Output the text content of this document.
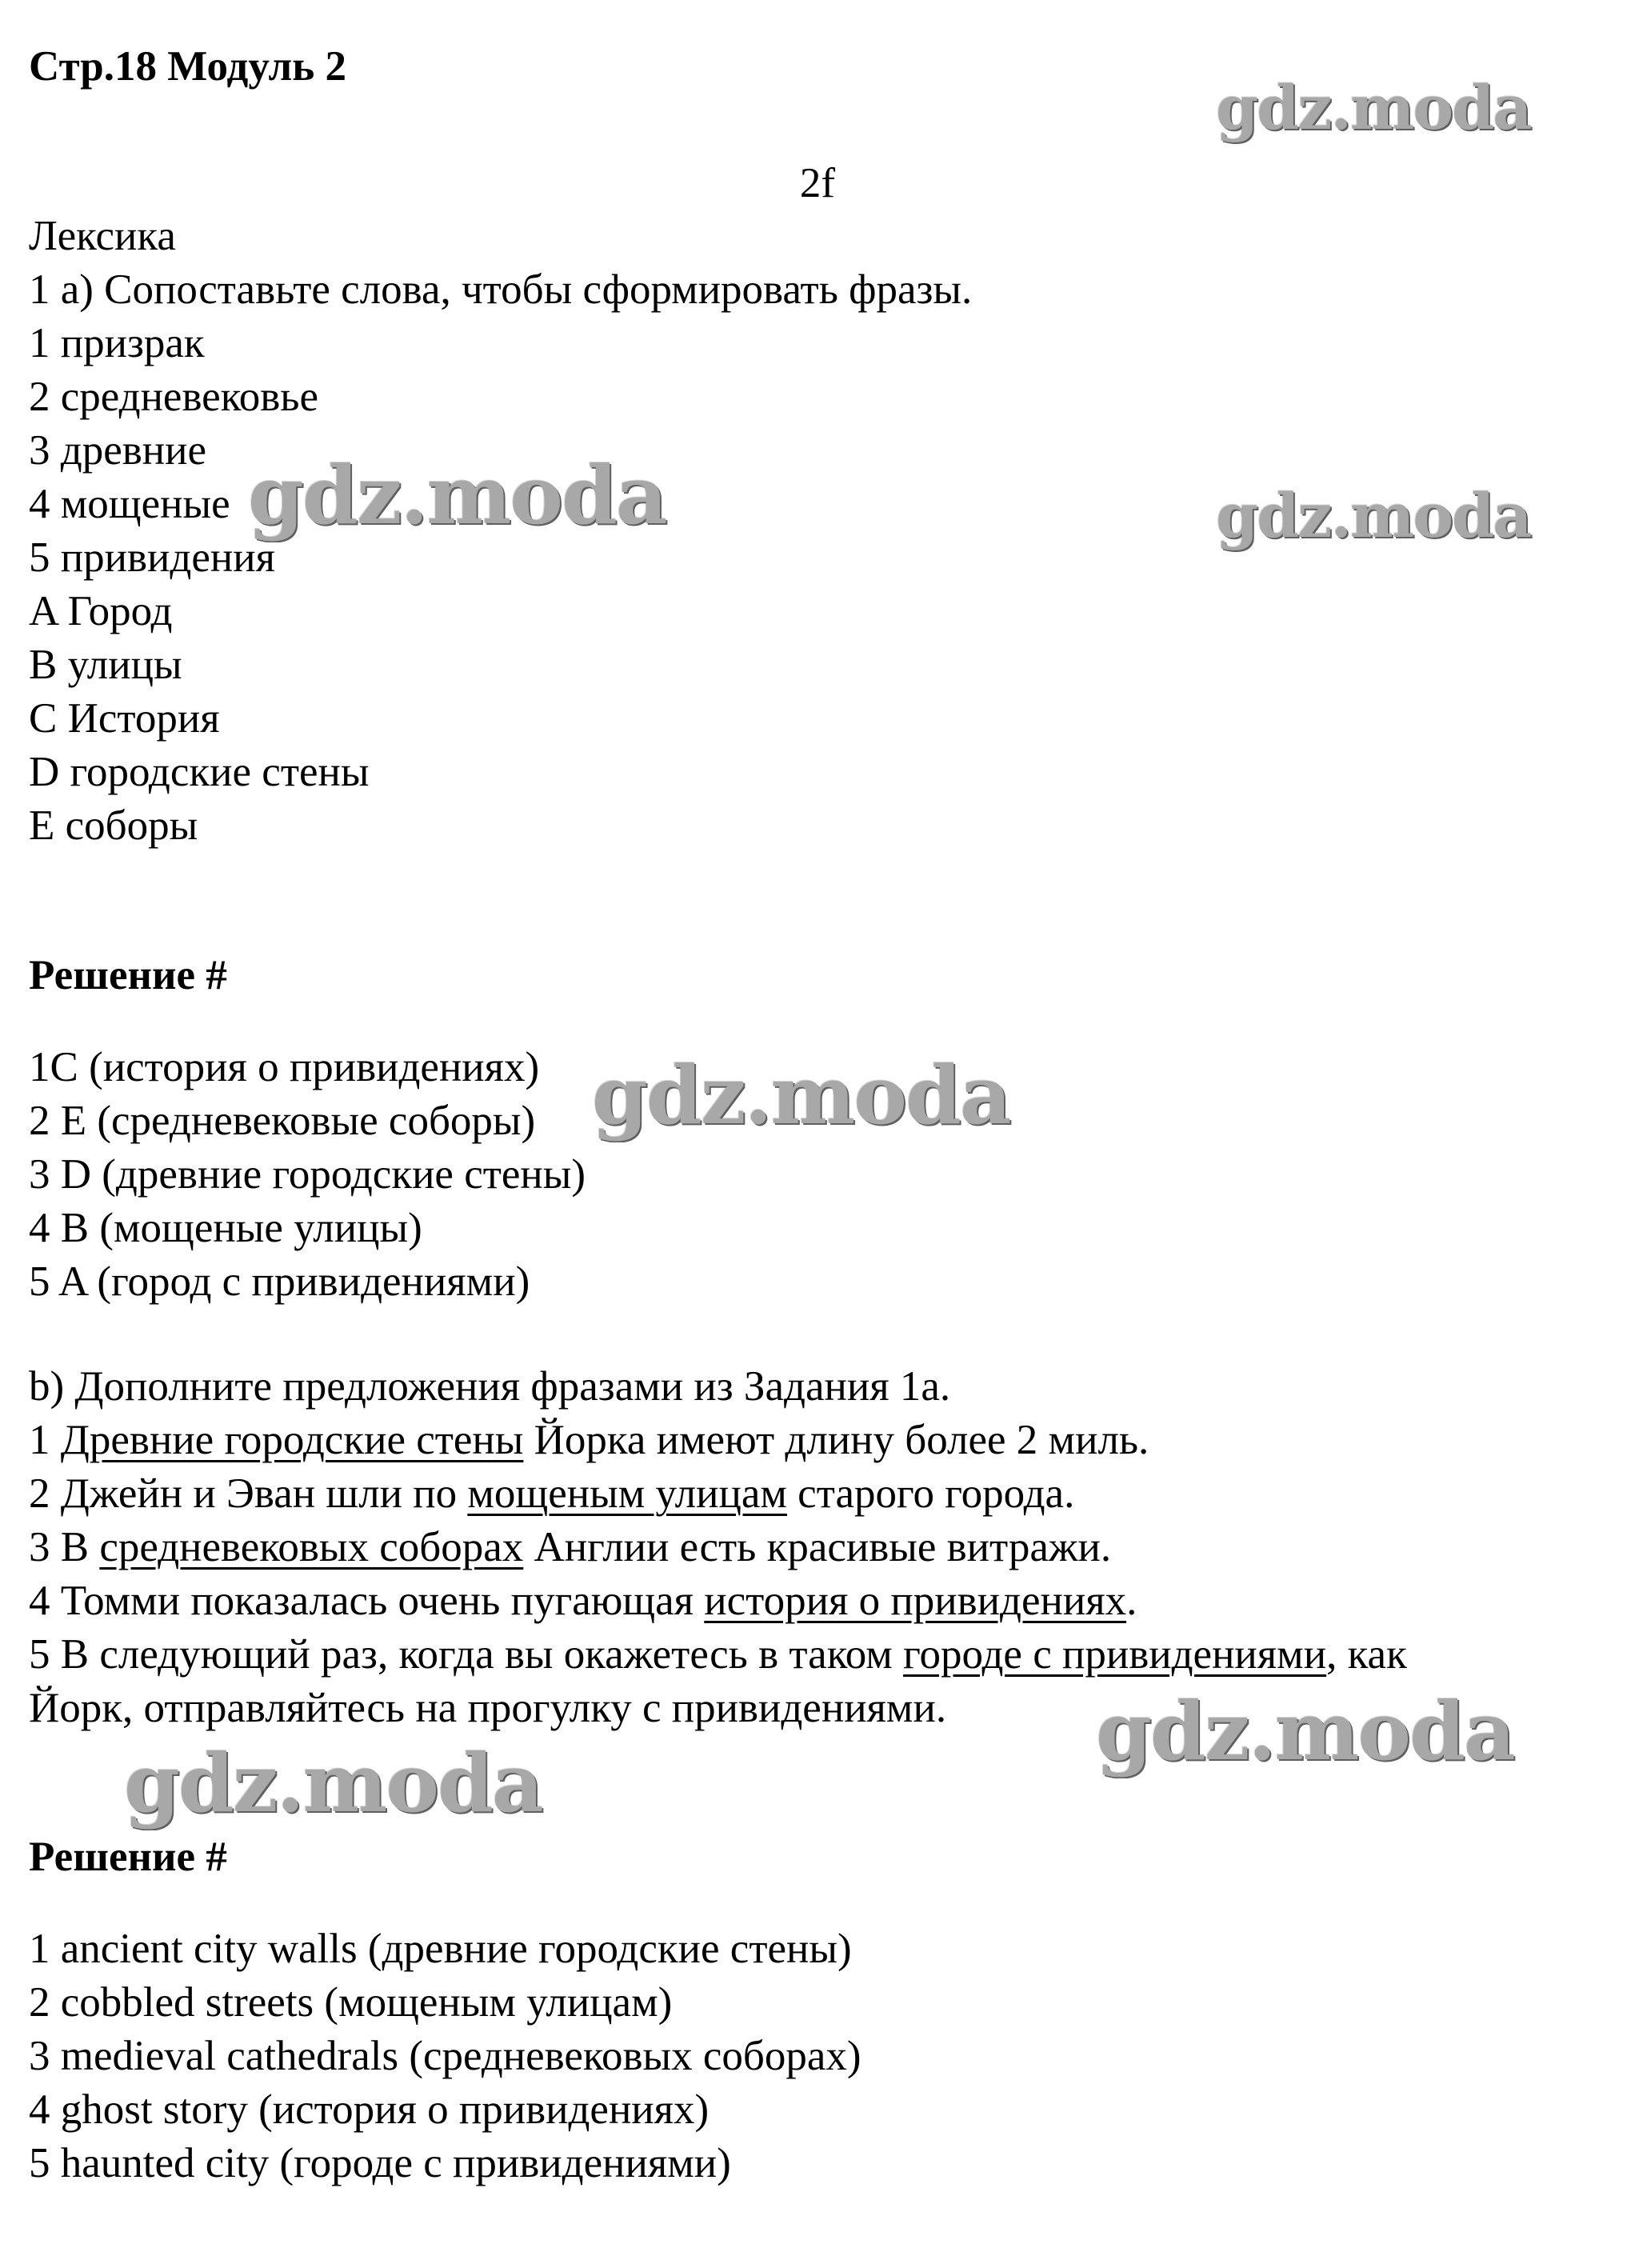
Стр.18 Модуль 2
2f
Лексика
1 a) Сопоставьте слова, чтобы сформировать фразы.
1 призрак
2 средневековье
3 древние
4 мощеные
5 привидения
A Город
B улицы
C История
D городские стены
E соборы
Решение #
1C (история о привидениях)
2 E (средневековые соборы)
3 D (древние городские стены)
4 B (мощеные улицы)
5 A (город с привидениями)
b) Дополните предложения фразами из Задания 1a.
1 Древние городские стены Йорка имеют длину более 2 миль.
2 Джейн и Эван шли по мощеным улицам старого города.
3 В средневековых соборах Англии есть красивые витражи.
4 Томми показалась очень пугающая история о привидениях.
5 В следующий раз, когда вы окажетесь в таком городе с привидениями, как
Йорк, отправляйтесь на прогулку с привидениями.
Решение #
1 ancient city walls (древние городские стены)
2 cobbled streets (мощеным улицам)
3 medieval cathedrals (средневековых соборах)
4 ghost story (история о привидениях)
5 haunted city (городе с привидениями)
gdz.moda
gdz.moda	gdz.moda
gdz.moda
gdz.moda
gdz.moda
